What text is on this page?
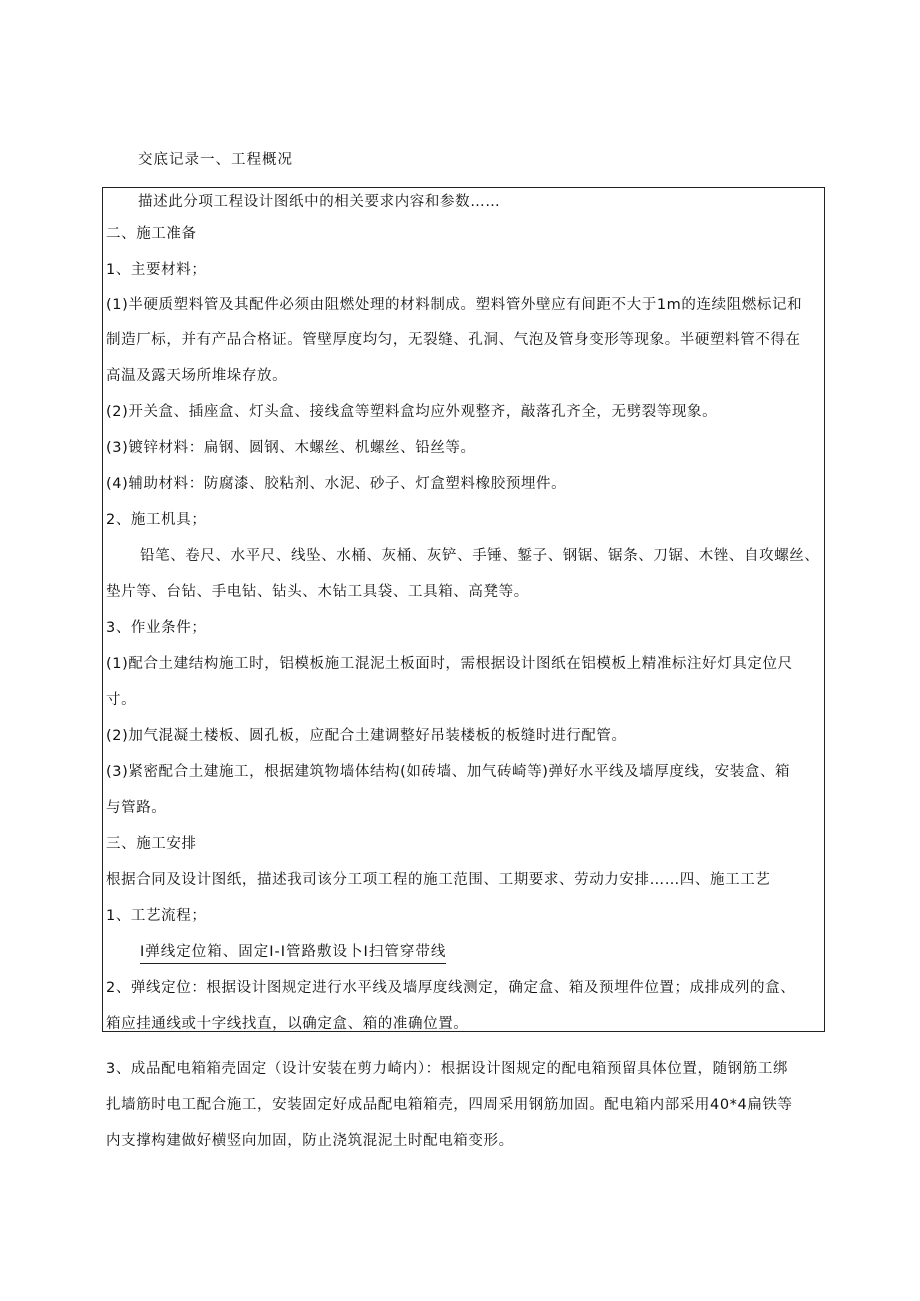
交底记录一、工程概况
描述此分项工程设计图纸中的相关要求内容和参数……
二、施工准备
1、主要材料；
(1)半硬质塑料管及其配件必须由阻燃处理的材料制成。塑料管外壁应有间距不大于1m的连续阻燃标记和
制造厂标，并有产品合格证。管壁厚度均匀，无裂缝、孔洞、气泡及管身变形等现象。半硬塑料管不得在
高温及露天场所堆垛存放。
(2)开关盒、插座盒、灯头盒、接线盒等塑料盒均应外观整齐，敲落孔齐全，无劈裂等现象。
(3)镀锌材料：扁钢、圆钢、木螺丝、机螺丝、铅丝等。
(4)辅助材料：防腐漆、胶粘剂、水泥、砂子、灯盒塑料橡胶预埋件。
2、施工机具；
铅笔、卷尺、水平尺、线坠、水桶、灰桶、灰铲、手锤、錾子、钢锯、锯条、刀锯、木锉、自攻螺丝、
垫片等、台钻、手电钻、钻头、木钻工具袋、工具箱、高凳等。
3、作业条件；
(1)配合土建结构施工时，铝模板施工混泥土板面时，需根据设计图纸在铝模板上精准标注好灯具定位尺
寸。
(2)加气混凝土楼板、圆孔板，应配合土建调整好吊装楼板的板缝时进行配管。
(3)紧密配合土建施工，根据建筑物墙体结构(如砖墙、加气砖崎等)弹好水平线及墙厚度线，安装盒、箱
与管路。
三、施工安排
根据合同及设计图纸，描述我司该分工项工程的施工范围、工期要求、劳动力安排……四、施工工艺
1、工艺流程；
I弹线定位箱、固定I-I管路敷设卜I扫管穿带线
2、弹线定位：根据设计图规定进行水平线及墙厚度线测定，确定盒、箱及预埋件位置；成排成列的盒、
箱应挂通线或十字线找直，以确定盒、箱的准确位置。
3、成品配电箱箱壳固定（设计安装在剪力崎内）：根据设计图规定的配电箱预留具体位置，随钢筋工绑
扎墙筋时电工配合施工，安装固定好成品配电箱箱壳，四周采用钢筋加固。配电箱内部采用40*4扁铁等
内支撑构建做好横竖向加固，防止浇筑混泥土时配电箱变形。
